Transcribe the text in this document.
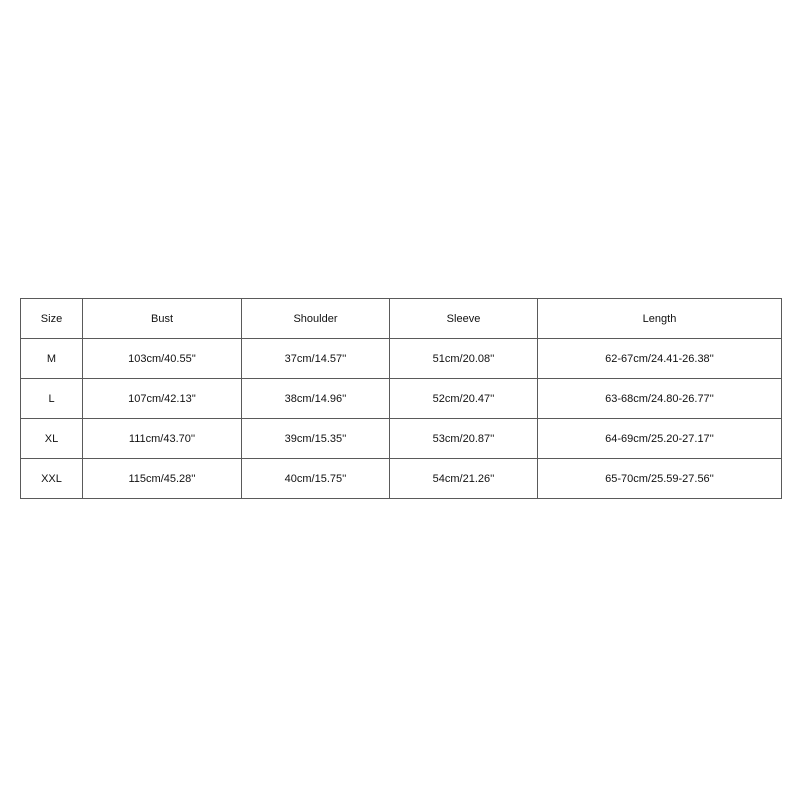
Size	Bust	Shoulder	Sleeve	Length
M	103cm/40.55''	37cm/14.57''	51cm/20.08''	62-67cm/24.41-26.38''
L	107cm/42.13''	38cm/14.96''	52cm/20.47''	63-68cm/24.80-26.77''
XL	111cm/43.70''	39cm/15.35''	53cm/20.87''	64-69cm/25.20-27.17''
XXL	115cm/45.28''	40cm/15.75''	54cm/21.26''	65-70cm/25.59-27.56''
